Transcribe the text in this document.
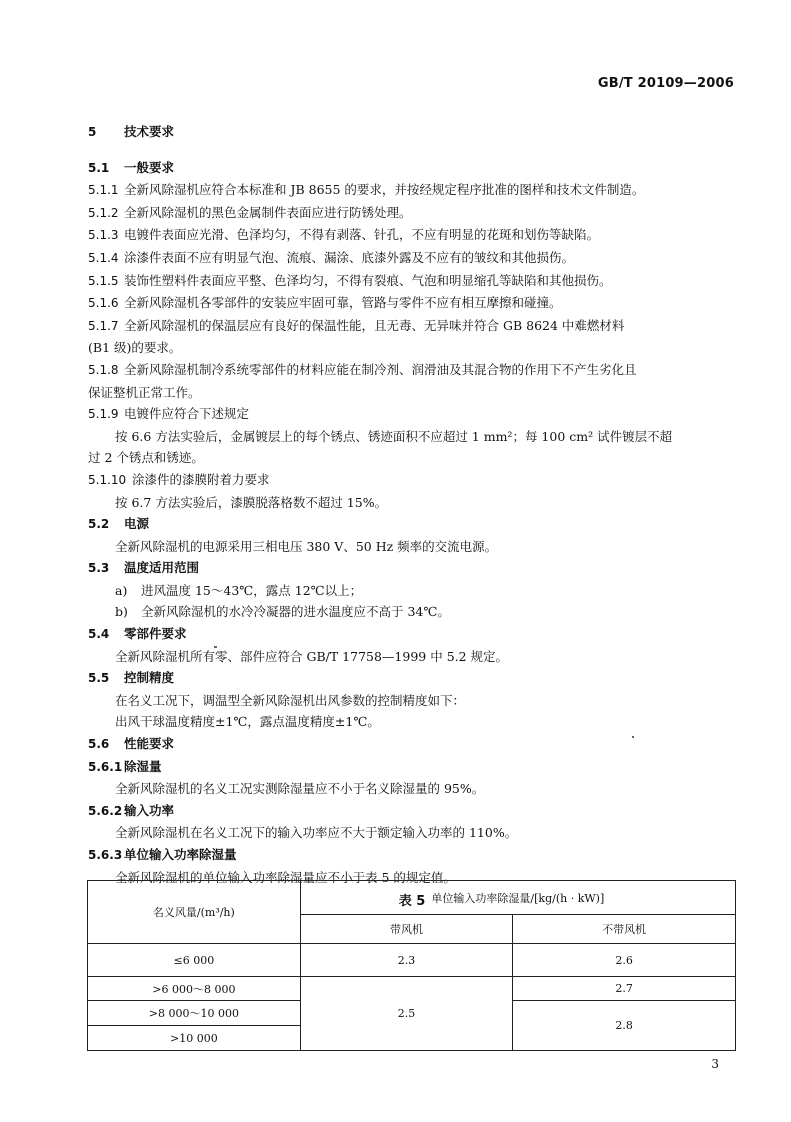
GB/T 20109—2006
5 技术要求
5.1 一般要求
5.1.1 全新风除湿机应符合本标准和 JB 8655 的要求，并按经规定程序批准的图样和技术文件制造。
5.1.2 全新风除湿机的黑色金属制件表面应进行防锈处理。
5.1.3 电镀件表面应光滑、色泽均匀，不得有剥落、针孔，不应有明显的花斑和划伤等缺陷。
5.1.4 涂漆件表面不应有明显气泡、流痕、漏涂、底漆外露及不应有的皱纹和其他损伤。
5.1.5 装饰性塑料件表面应平整、色泽均匀，不得有裂痕、气泡和明显缩孔等缺陷和其他损伤。
5.1.6 全新风除湿机各零部件的安装应牢固可靠，管路与零件不应有相互摩擦和碰撞。
5.1.7 全新风除湿机的保温层应有良好的保温性能，且无毒、无异味并符合 GB 8624 中难燃材料
(B1 级)的要求。
5.1.8 全新风除湿机制冷系统零部件的材料应能在制冷剂、润滑油及其混合物的作用下不产生劣化且
保证整机正常工作。
5.1.9 电镀件应符合下述规定
按 6.6 方法实验后，金属镀层上的每个锈点、锈迹面积不应超过 1 mm²；每 100 cm² 试件镀层不超
过 2 个锈点和锈迹。
5.1.10 涂漆件的漆膜附着力要求
按 6.7 方法实验后，漆膜脱落格数不超过 15%。
5.2 电源
全新风除湿机的电源采用三相电压 380 V、50 Hz 频率的交流电源。
5.3 温度适用范围
a) 进风温度 15～43℃，露点 12℃以上；
b) 全新风除湿机的水冷冷凝器的进水温度应不高于 34℃。
5.4 零部件要求
全新风除湿机所有零、部件应符合 GB/T 17758—1999 中 5.2 规定。
5.5 控制精度
在名义工况下，调温型全新风除湿机出风参数的控制精度如下：
出风干球温度精度±1℃，露点温度精度±1℃。
5.6 性能要求
5.6.1 除湿量
全新风除湿机的名义工况实测除湿量应不小于名义除湿量的 95%。
5.6.2 输入功率
全新风除湿机在名义工况下的输入功率应不大于额定输入功率的 110%。
5.6.3 单位输入功率除湿量
全新风除湿机的单位输入功率除湿量应不小于表 5 的规定值。
表 5
名义风量/(m³/h)	单位输入功率除湿量/[kg/(h · kW)]	
	带风机	不带风机
≤6 000	2.3	2.6
>6 000～8 000	2.5	2.7
>8 000～10 000		2.8
>10 000		
3
